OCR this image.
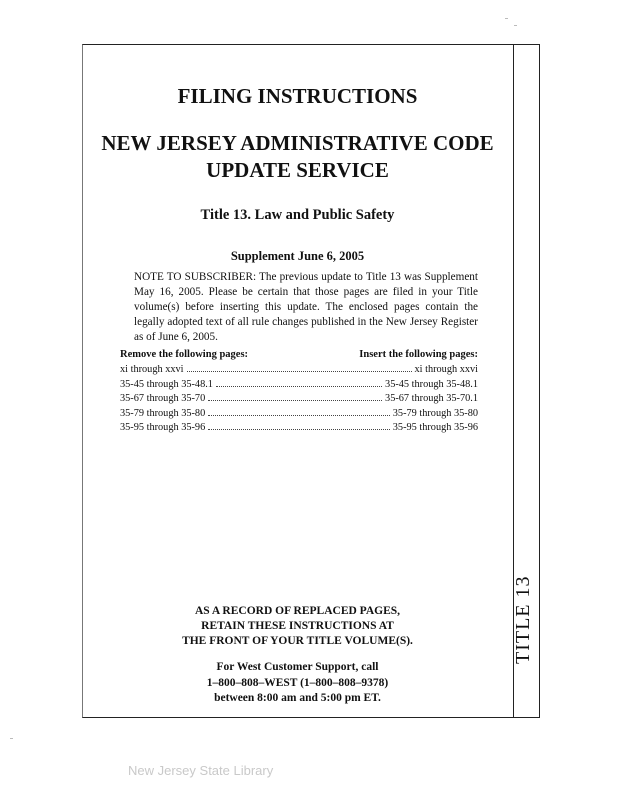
TITLE 13
FILING INSTRUCTIONS
NEW JERSEY ADMINISTRATIVE CODE
UPDATE SERVICE
Title 13. Law and Public Safety
Supplement June 6, 2005
NOTE TO SUBSCRIBER: The previous update to Title 13 was Supplement May 16, 2005. Please be certain that those pages are filed in your Title volume(s) before inserting this update. The enclosed pages contain the legally adopted text of all rule changes published in the New Jersey Register as of June 6, 2005.
Remove the following pages:	Insert the following pages:
xi through xxvi	xi through xxvi
35-45 through 35-48.1	35-45 through 35-48.1
35-67 through 35-70	35-67 through 35-70.1
35-79 through 35-80	35-79 through 35-80
35-95 through 35-96	35-95 through 35-96
AS A RECORD OF REPLACED PAGES,
RETAIN THESE INSTRUCTIONS AT
THE FRONT OF YOUR TITLE VOLUME(S).
For West Customer Support, call
1–800–808–WEST (1–800–808–9378)
between 8:00 am and 5:00 pm ET.
New Jersey State Library
